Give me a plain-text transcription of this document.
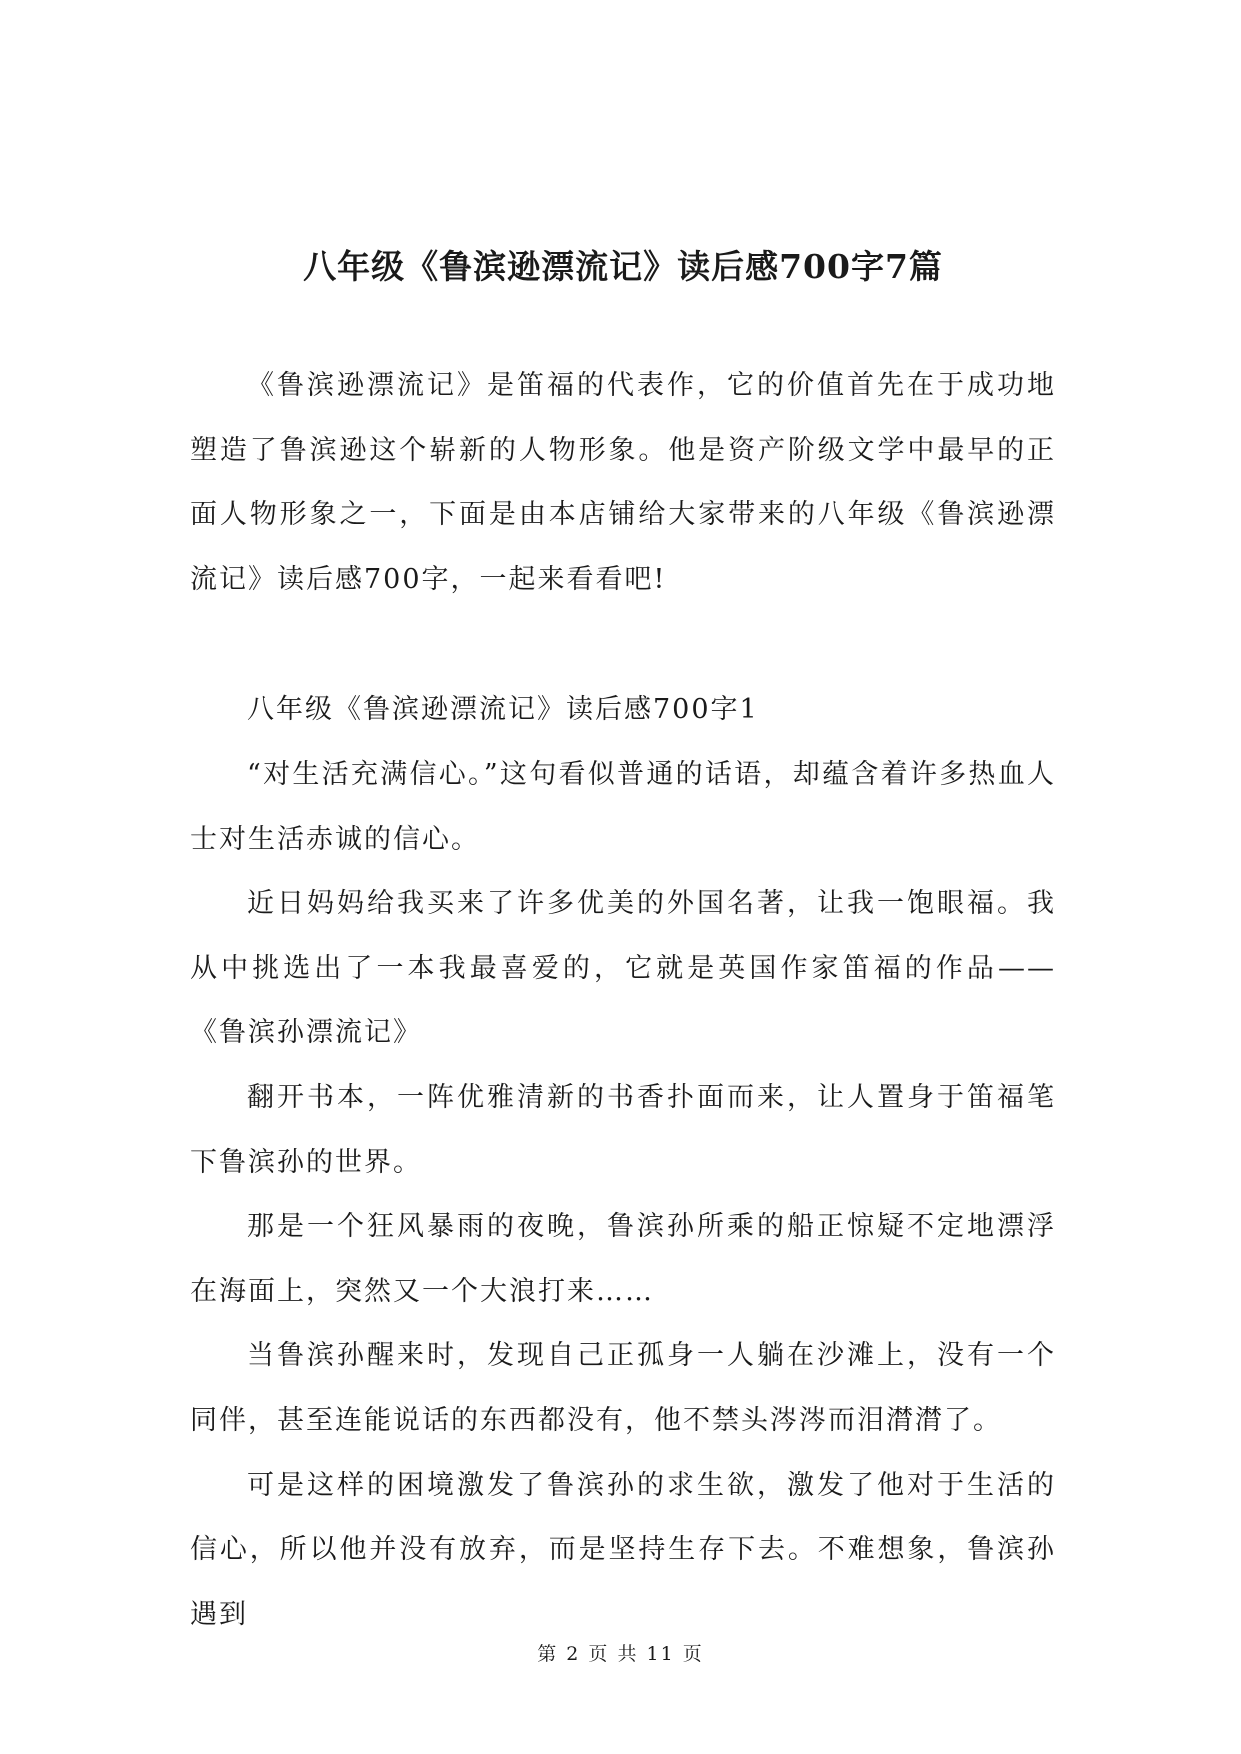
八年级《鲁滨逊漂流记》读后感700字7篇

《鲁滨逊漂流记》是笛福的代表作，它的价值首先在于成功地塑造了鲁滨逊这个崭新的人物形象。他是资产阶级文学中最早的正面人物形象之一，下面是由本店铺给大家带来的八年级《鲁滨逊漂流记》读后感700字，一起来看看吧!

八年级《鲁滨逊漂流记》读后感700字1

“对生活充满信心。”这句看似普通的话语，却蕴含着许多热血人士对生活赤诚的信心。

近日妈妈给我买来了许多优美的外国名著，让我一饱眼福。我从中挑选出了一本我最喜爱的，它就是英国作家笛福的作品——《鲁滨孙漂流记》

翻开书本，一阵优雅清新的书香扑面而来，让人置身于笛福笔下鲁滨孙的世界。

那是一个狂风暴雨的夜晚，鲁滨孙所乘的船正惊疑不定地漂浮在海面上，突然又一个大浪打来……

当鲁滨孙醒来时，发现自己正孤身一人躺在沙滩上，没有一个同伴，甚至连能说话的东西都没有，他不禁头涔涔而泪潸潸了。

可是这样的困境激发了鲁滨孙的求生欲，激发了他对于生活的信心，所以他并没有放弃，而是坚持生存下去。不难想象，鲁滨孙遇到

第 2 页 共 11 页
